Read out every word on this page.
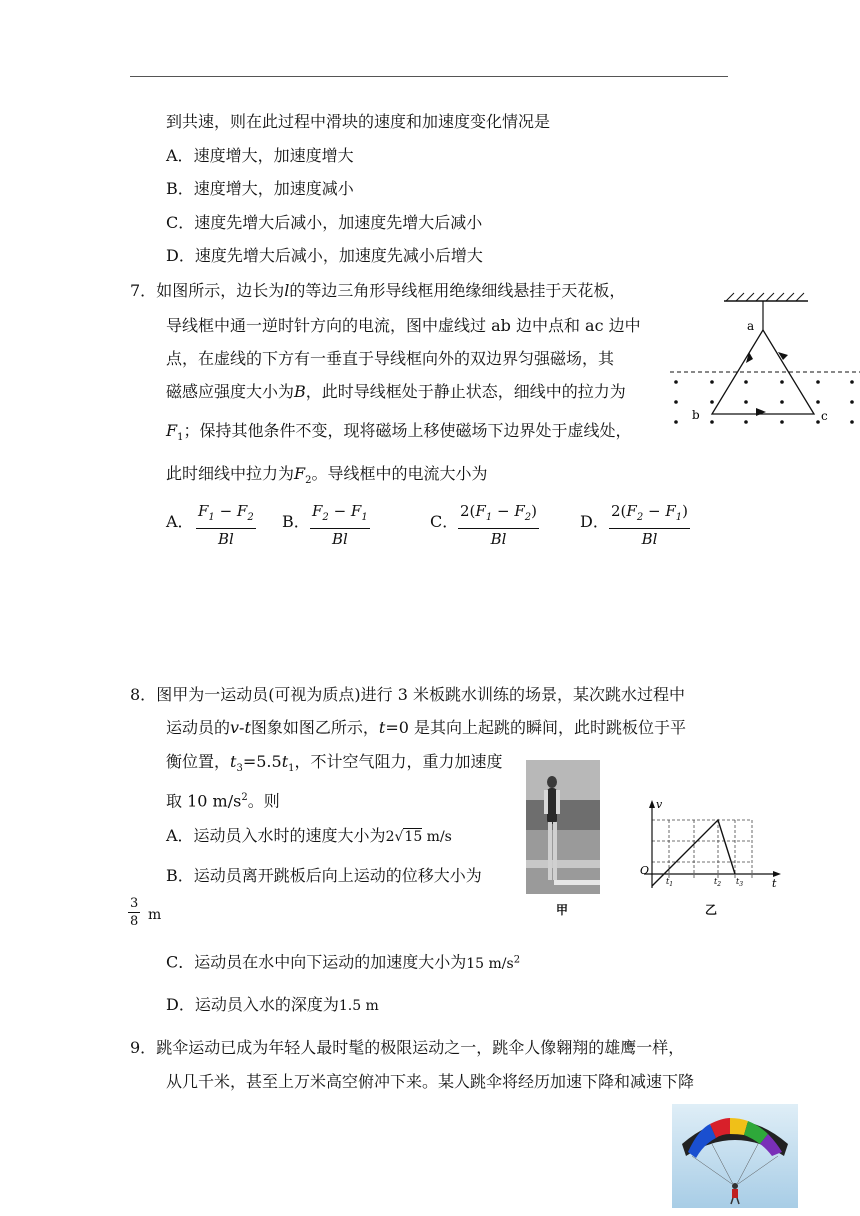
到共速，则在此过程中滑块的速度和加速度变化情况是
A．速度增大，加速度增大
B．速度增大，加速度减小
C．速度先增大后减小，加速度先增大后减小
D．速度先增大后减小，加速度先减小后增大
7．如图所示，边长为l的等边三角形导线框用绝缘细线悬挂于天花板，
导线框中通一逆时针方向的电流，图中虚线过 ab 边中点和 ac 边中
点，在虚线的下方有一垂直于导线框向外的双边界匀强磁场，其
磁感应强度大小为B，此时导线框处于静止状态，细线中的拉力为
$F_1$；保持其他条件不变，现将磁场上移使磁场下边界处于虚线处，
此时细线中拉力为$F_2$。导线框中的电流大小为
A． $\frac{F_1 - F_2}{Bl}$ B． $\frac{F_2 - F_1}{Bl}$	C． $\frac{2(F_1 - F_2)}{Bl}$	D． $\frac{2(F_2 - F_1)}{Bl}$
a
b	c
8．图甲为一运动员(可视为质点)进行 3 米板跳水训练的场景，某次跳水过程中
运动员的v-t图象如图乙所示，t=0 是其向上起跳的瞬间，此时跳板位于平
衡位置，$t_3=5.5t_1$，不计空气阻力，重力加速度
取 10 $m/s^2$。则
A．运动员入水时的速度大小为2√15 m/s
B．运动员离开跳板后向上运动的位移大小为
$\frac{3}{8}$ m
C．运动员在水中向下运动的加速度大小为15 $m/s^2$
D．运动员入水的深度为1.5 m
甲
v
O
t
$t_1$	$t_2$ $t_3$
乙
9．跳伞运动已成为年轻人最时髦的极限运动之一，跳伞人像翱翔的雄鹰一样，
从几千米，甚至上万米高空俯冲下来。某人跳伞将经历加速下降和减速下降
